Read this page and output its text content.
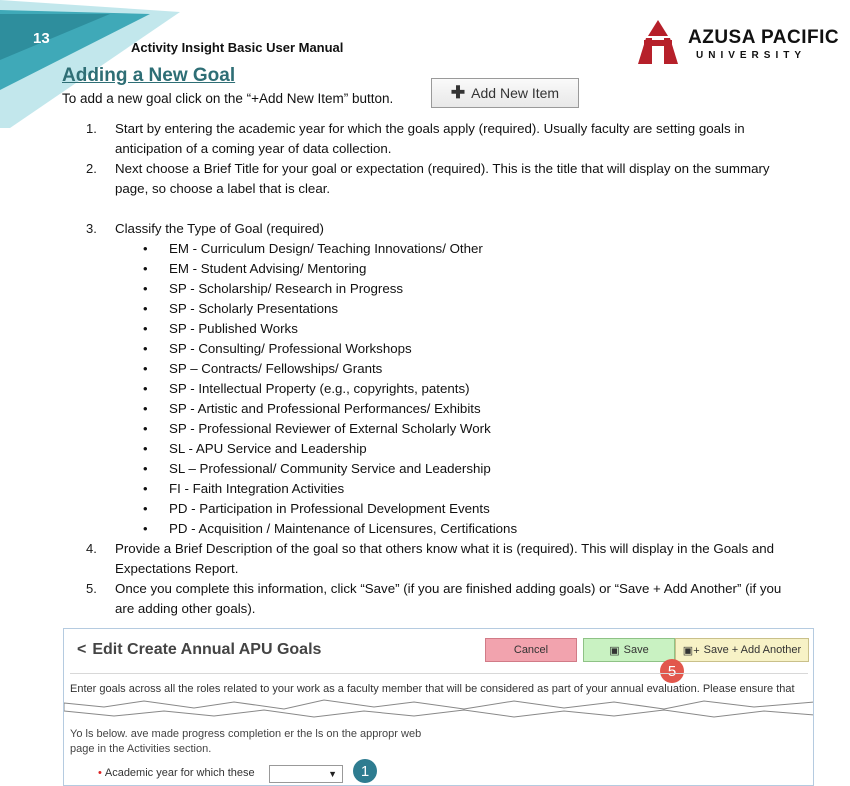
13
Activity Insight Basic User Manual	AZUSA PACIFIC
UNIVERSITY
Adding a New Goal
To add a new goal click on the “+Add New Item” button.	✚ Add New Item
1. Start by entering the academic year for which the goals apply (required). Usually faculty are setting goals in
anticipation of a coming year of data collection.
2. Next choose a Brief Title for your goal or expectation (required). This is the title that will display on the summary
page, so choose a label that is clear.
3. Classify the Type of Goal (required)
• EM - Curriculum Design/ Teaching Innovations/ Other
• EM - Student Advising/ Mentoring
• SP - Scholarship/ Research in Progress
• SP - Scholarly Presentations
• SP - Published Works
• SP - Consulting/ Professional Workshops
• SP – Contracts/ Fellowships/ Grants
• SP - Intellectual Property (e.g., copyrights, patents)
• SP - Artistic and Professional Performances/ Exhibits
• SP - Professional Reviewer of External Scholarly Work
• SL - APU Service and Leadership
• SL – Professional/ Community Service and Leadership
• FI - Faith Integration Activities
• PD - Participation in Professional Development Events
• PD - Acquisition / Maintenance of Licensures, Certifications
4. Provide a Brief Description of the goal so that others know what it is (required). This will display in the Goals and
Expectations Report.
5. Once you complete this information, click “Save” (if you are finished adding goals) or “Save + Add Another” (if you
are adding other goals).
< Edit Create Annual APU Goals	Cancel	▣ Save	▣+ Save + Add Another
5
Enter goals across all the roles related to your work as a faculty member that will be considered as part of your annual evaluation. Please ensure that
Yo ls below. ave made progress completion er the ls on the appropr web
page in the Activities section.
• Academic year for which these	▼	1
